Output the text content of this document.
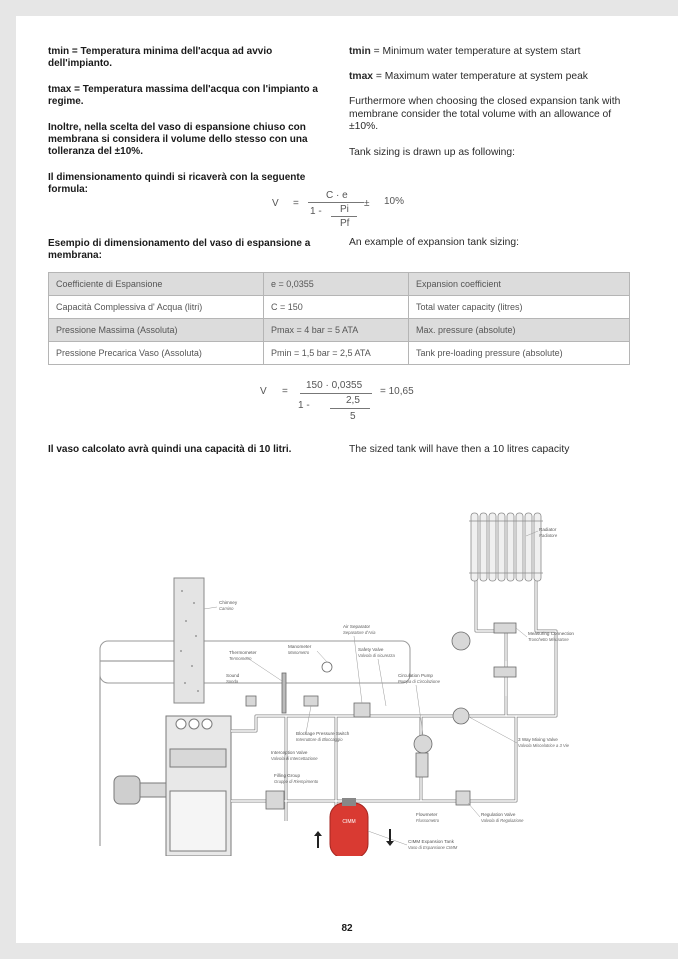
tmin = Temperatura minima dell'acqua ad avvio dell'impianto.
tmax = Temperatura massima dell'acqua con l'impianto a regime.
Inoltre, nella scelta del vaso di espansione chiuso con membrana si considera il volume dello stesso con una tolleranza del ±10%.
Il dimensionamento quindi si ricaverà con la seguente formula:
Esempio di dimensionamento del vaso di espansione a membrana:
Il vaso calcolato avrà quindi una capacità di 10 litri.
tmin = Minimum water temperature at system start
tmax = Maximum water temperature at system peak
Furthermore when choosing the closed expansion tank with membrane consider the total volume with an allowance of ±10%.
Tank sizing is drawn up as following:
An example of expansion tank sizing:
The sized tank will have then a 10 litres capacity
V =
C · e
1 - Pi
Pf
± 10%
Coefficiente di Espansione	e = 0,0355	Expansion coefficient
Capacità Complessiva d' Acqua (litri)	C = 150	Total water capacity (litres)
Pressione Massima (Assoluta)	Pmax = 4 bar = 5 ATA	Max. pressure (absolute)
Pressione Precarica Vaso (Assoluta)	Pmin = 1,5 bar = 2,5 ATA	Tank pre-loading pressure (absolute)
V =
150 · 0,0355
1 -	2,5
5
= 10,65
CIMM
Radiator
Radiatore
Chimney
Camino
Air Separator
Separatore d'Aria	Measuring Connection
Tronchetto Misuratore
Manometer
Manometro
Safety Valve
Valvola di sicurezza
Thermometer
Termometro
Sound
Sonda
Circulation Pump
Pompa di Circolazione
Blockage Pressure Switch
Interruttore di Bloccaggio	3 Way Mixing Valve
Valvola Miscelatrice a 3 Vie
Interception Valve
Valvola di Intercettazione
Filling Group
Gruppo di Riempimento
Flowmeter
Flussometro
Regulation Valve
Valvola di Regolazione
CIMM Expansion Tank
Vaso di Espansione CIMM
82
